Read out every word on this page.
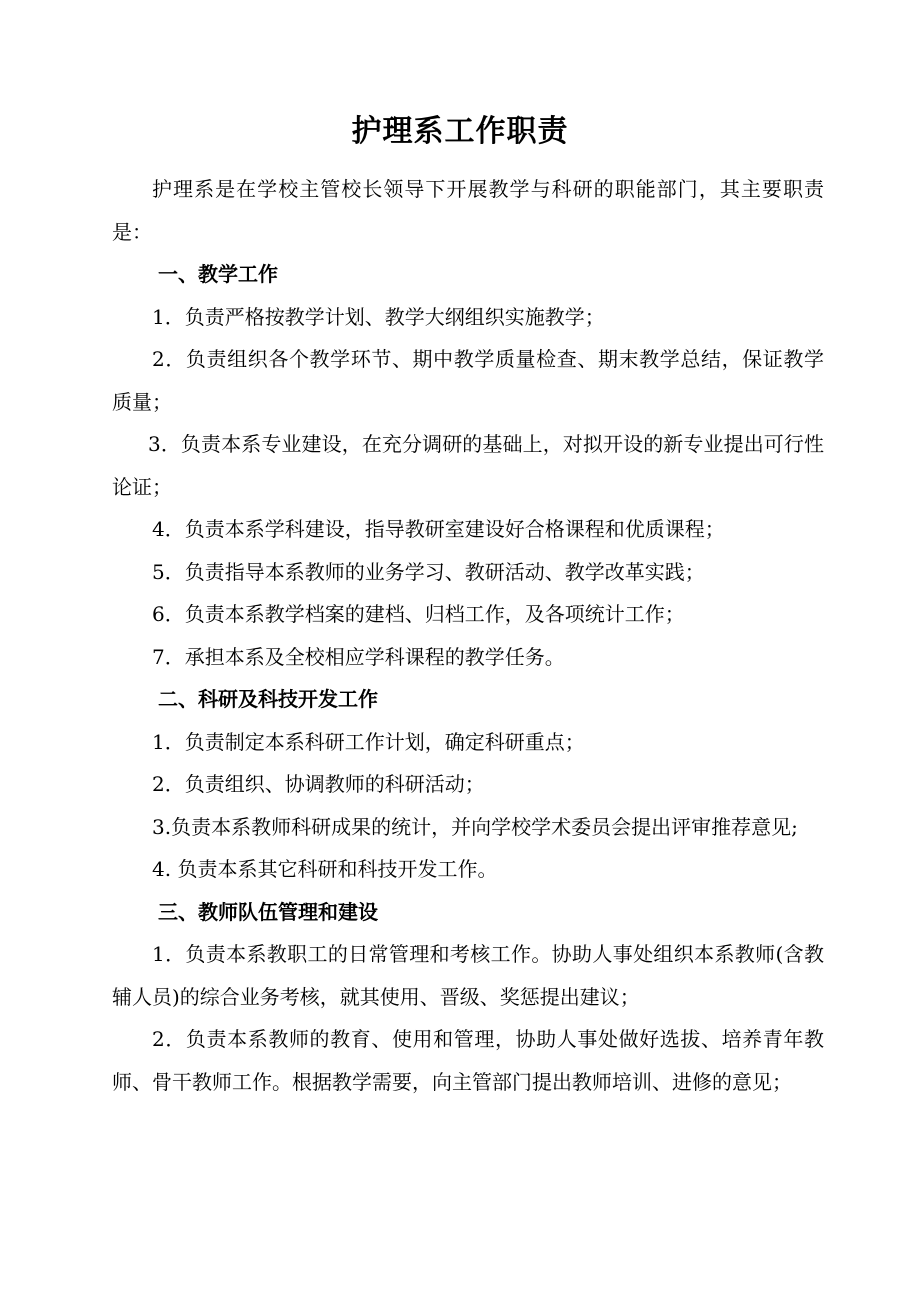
护理系工作职责

护理系是在学校主管校长领导下开展教学与科研的职能部门，其主要职责是：

一、教学工作

1．负责严格按教学计划、教学大纲组织实施教学；

2．负责组织各个教学环节、期中教学质量检查、期末教学总结，保证教学质量；

3．负责本系专业建设，在充分调研的基础上，对拟开设的新专业提出可行性论证；

4．负责本系学科建设，指导教研室建设好合格课程和优质课程；

5．负责指导本系教师的业务学习、教研活动、教学改革实践；

6．负责本系教学档案的建档、归档工作，及各项统计工作；

7．承担本系及全校相应学科课程的教学任务。

二、科研及科技开发工作

1．负责制定本系科研工作计划，确定科研重点；

2．负责组织、协调教师的科研活动；

3.负责本系教师科研成果的统计，并向学校学术委员会提出评审推荐意见;

4. 负责本系其它科研和科技开发工作。

三、教师队伍管理和建设

1．负责本系教职工的日常管理和考核工作。协助人事处组织本系教师(含教辅人员)的综合业务考核，就其使用、晋级、奖惩提出建议；

2．负责本系教师的教育、使用和管理，协助人事处做好选拔、培养青年教师、骨干教师工作。根据教学需要，向主管部门提出教师培训、进修的意见；
